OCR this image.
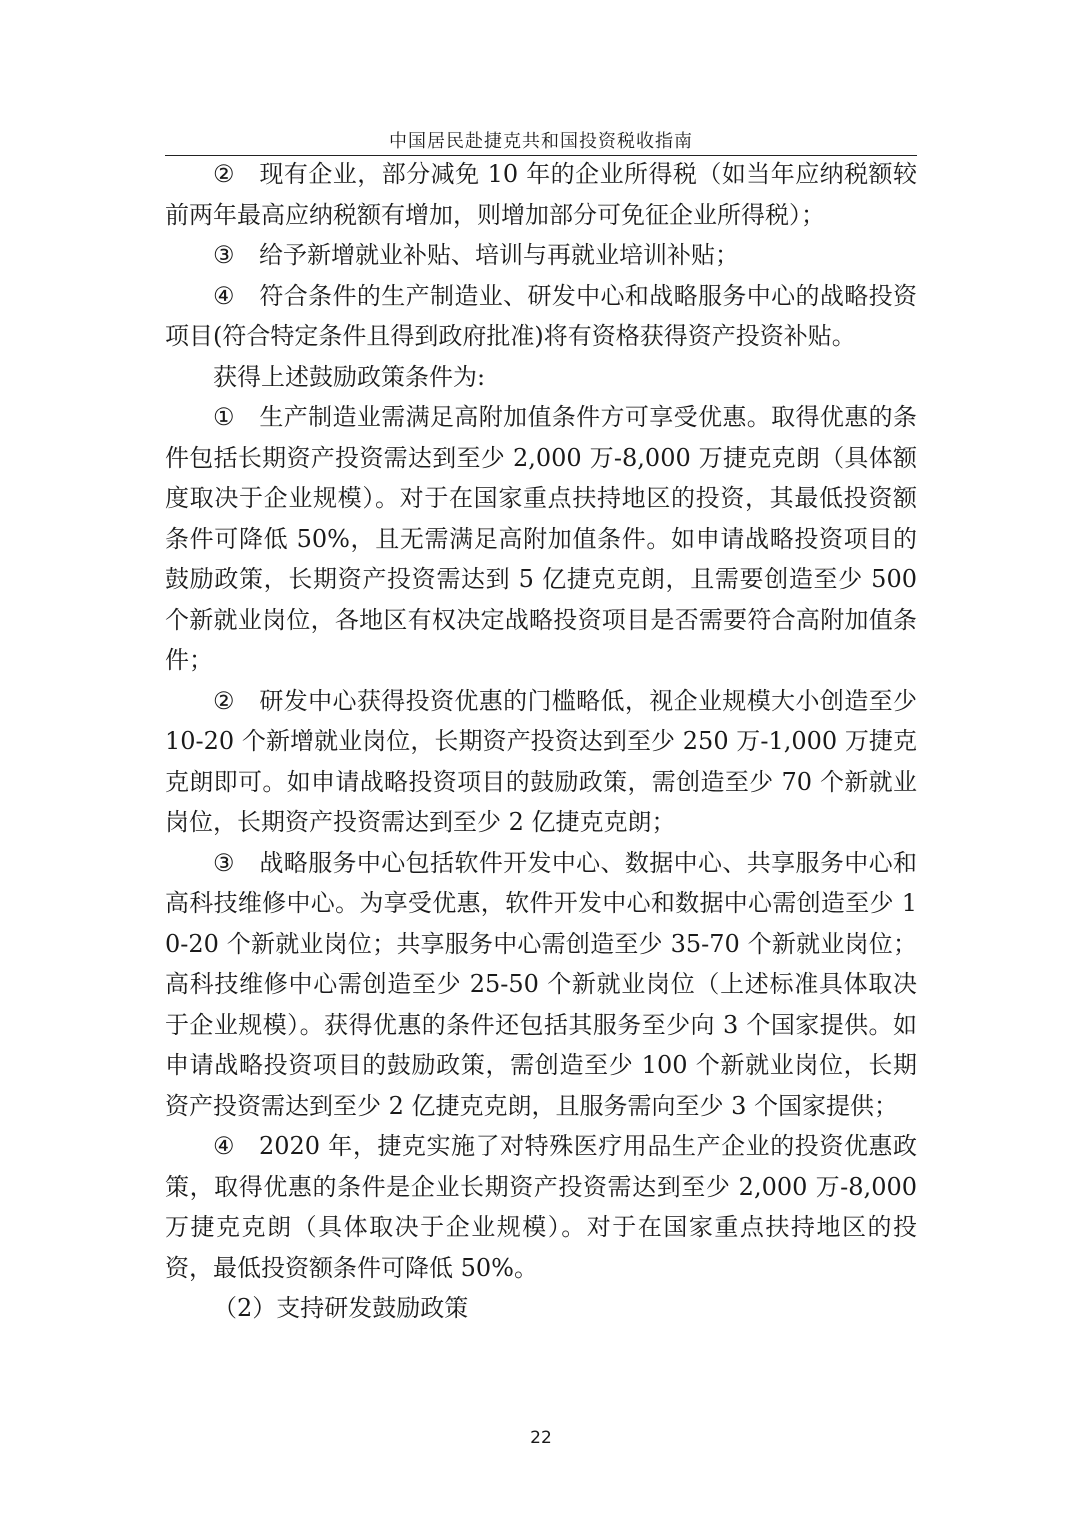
中国居民赴捷克共和国投资税收指南

② 现有企业，部分减免 10 年的企业所得税（如当年应纳税额较前两年最高应纳税额有增加，则增加部分可免征企业所得税）；

③ 给予新增就业补贴、培训与再就业培训补贴；

④ 符合条件的生产制造业、研发中心和战略服务中心的战略投资项目(符合特定条件且得到政府批准)将有资格获得资产投资补贴。

获得上述鼓励政策条件为:

① 生产制造业需满足高附加值条件方可享受优惠。取得优惠的条件包括长期资产投资需达到至少 2,000 万-8,000 万捷克克朗（具体额度取决于企业规模）。对于在国家重点扶持地区的投资，其最低投资额条件可降低 50%，且无需满足高附加值条件。如申请战略投资项目的鼓励政策，长期资产投资需达到 5 亿捷克克朗，且需要创造至少 500 个新就业岗位，各地区有权决定战略投资项目是否需要符合高附加值条件；

② 研发中心获得投资优惠的门槛略低，视企业规模大小创造至少 10-20 个新增就业岗位，长期资产投资达到至少 250 万-1,000 万捷克克朗即可。如申请战略投资项目的鼓励政策，需创造至少 70 个新就业岗位，长期资产投资需达到至少 2 亿捷克克朗；

③ 战略服务中心包括软件开发中心、数据中心、共享服务中心和高科技维修中心。为享受优惠，软件开发中心和数据中心需创造至少 10-20 个新就业岗位；共享服务中心需创造至少 35-70 个新就业岗位；高科技维修中心需创造至少 25-50 个新就业岗位（上述标准具体取决于企业规模）。获得优惠的条件还包括其服务至少向 3 个国家提供。如申请战略投资项目的鼓励政策，需创造至少 100 个新就业岗位，长期资产投资需达到至少 2 亿捷克克朗，且服务需向至少 3 个国家提供；

④ 2020 年，捷克实施了对特殊医疗用品生产企业的投资优惠政策，取得优惠的条件是企业长期资产投资需达到至少 2,000 万-8,000 万捷克克朗（具体取决于企业规模）。对于在国家重点扶持地区的投资，最低投资额条件可降低 50%。

（2）支持研发鼓励政策

22
